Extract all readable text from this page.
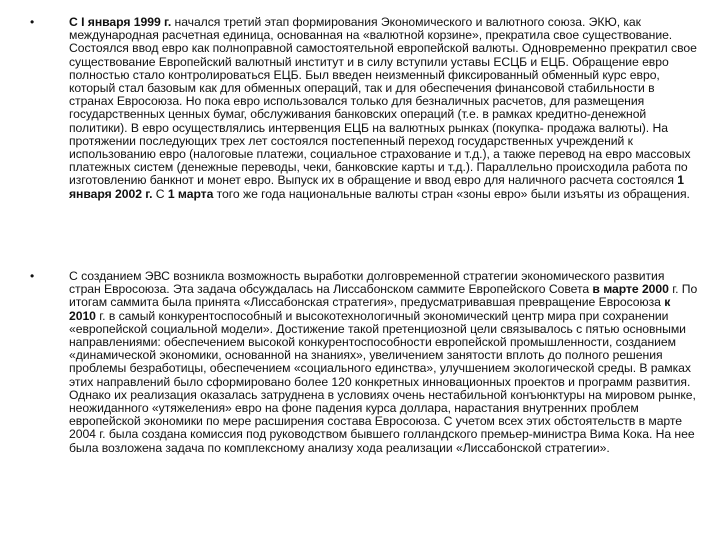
•	С I января 1999 г. начался третий этап формирования Экономического и валютного союза. ЭКЮ, как международная расчетная единица, основанная на «валютной корзине», прекратила свое существование. Состоялся ввод евро как полноправной самостоятельной европейской валюты. Одновременно прекратил свое существование Европейский валютный институт и в силу вступили уставы ЕСЦБ и ЕЦБ. Обращение евро полностью стало контролироваться ЕЦБ. Был введен неизменный фиксированный обменный курс евро, который стал базовым как для обменных операций, так и для обеспечения финансовой стабильности в странах Евросоюза. Но пока евро использовался только для безналичных расчетов, для размещения государственных ценных бумаг, обслуживания банковских операций (т.е. в рамках кредитно-денежной политики). В евро осуществлялись интервенция ЕЦБ на валютных рынках (покупка- продажа валюты). На протяжении последующих трех лет состоялся постепенный переход государственных учреждений к использованию евро (налоговые платежи, социальное страхование и т.д.), а также перевод на евро массовых платежных систем (денежные переводы, чеки, банковские карты и т.д.). Параллельно происходила работа по изготовлению банкнот и монет евро. Выпуск их в обращение и ввод евро для наличного расчета состоялся 1 января 2002 г. С 1 марта того же года национальные валюты стран «зоны евро» были изъяты из обращения.

•	С созданием ЭВС возникла возможность выработки долговременной стратегии экономического развития стран Евросоюза. Эта задача обсуждалась на Лиссабонском саммите Европейского Совета в марте 2000 г. По итогам саммита была принята «Лиссабонская стратегия», предусматривавшая превращение Евросоюза к 2010 г. в самый конкурентоспособный и высокотехнологичный экономический центр мира при сохранении «европейской социальной модели». Достижение такой претенциозной цели связывалось с пятью основными направлениями: обеспечением высокой конкурентоспособности европейской промышленности, созданием «динамической экономики, основанной на знаниях», увеличением занятости вплоть до полного решения проблемы безработицы, обеспечением «социального единства», улучшением экологической среды. В рамках этих направлений было сформировано более 120 конкретных инновационных проектов и программ развития. Однако их реализация оказалась затруднена в условиях очень нестабильной конъюнктуры на мировом рынке, неожиданного «утяжеления» евро на фоне падения курса доллара, нарастания внутренних проблем европейской экономики по мере расширения состава Евросоюза. С учетом всех этих обстоятельств в марте 2004 г. была создана комиссия под руководством бывшего голландского премьер-министра Вима Кока. На нее была возложена задача по комплексному анализу хода реализации «Лиссабонской стратегии».
